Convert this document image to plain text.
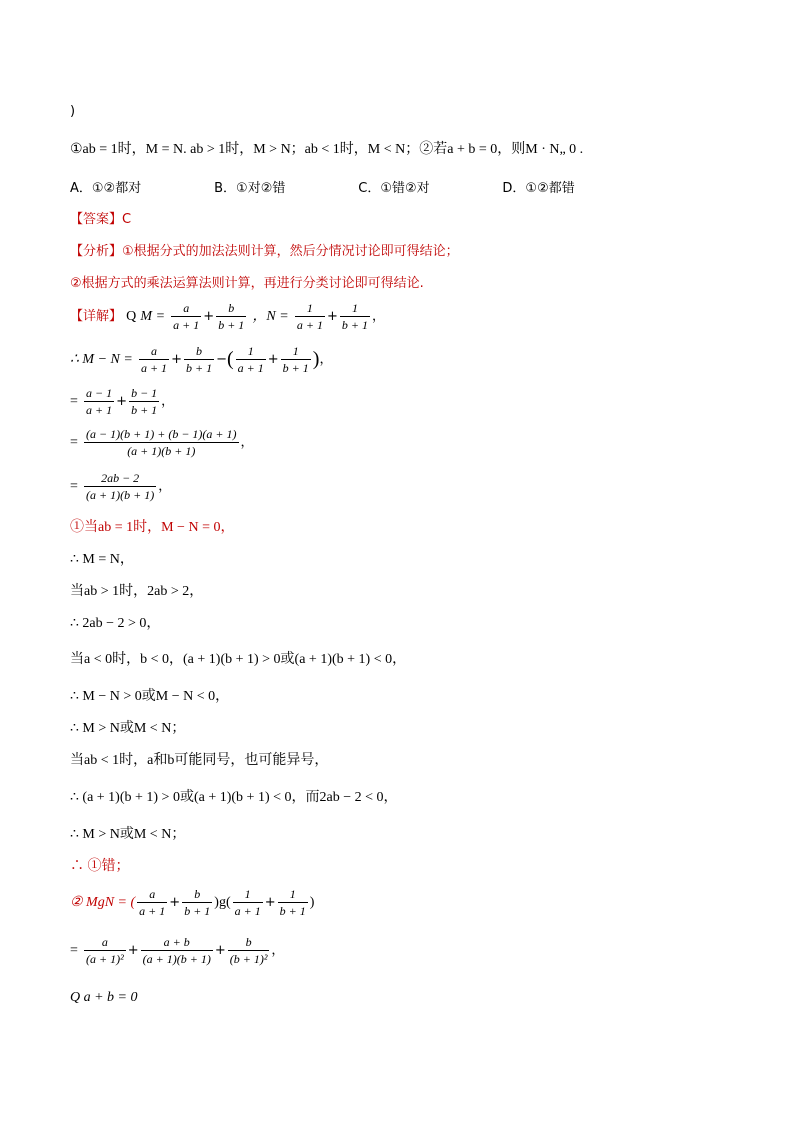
)
①ab = 1时，M = N. ab > 1时，M > N；ab < 1时，M < N；②若a + b = 0，则M · N„ 0 .
A．①②都对	B．①对②错	C．①错②对	D．①②都错
【答案】C
【分析】①根据分式的加法法则计算，然后分情况讨论即可得结论；
②根据方式的乘法运算法则计算，再进行分类讨论即可得结论.
【详解】 Q $M = \frac{a}{a + 1} + \frac{b}{b + 1}$ ，$N = \frac{1}{a + 1} + \frac{1}{b + 1}$ ，
∴ $M - N = \frac{a}{a + 1} + \frac{b}{b + 1}$ −( $\frac{1}{a + 1} + \frac{1}{b + 1}$ )，
= $\frac{a - 1}{a + 1} + \frac{b - 1}{b + 1}$ ，
= $\frac{(a - 1)(b + 1) + (b - 1)(a + 1)}{(a + 1)(b + 1)}$ ，
= $\frac{2ab - 2}{(a + 1)(b + 1)}$ ，
①当ab = 1时，M − N = 0，
∴ M = N，
当ab > 1时，2ab > 2，
∴ 2ab − 2 > 0，
当a < 0时，b < 0，(a + 1)(b + 1) > 0或(a + 1)(b + 1) < 0，
∴ M − N > 0或M − N < 0，
∴ M > N或M < N；
当ab < 1时，a和b可能同号，也可能异号，
∴ (a + 1)(b + 1) > 0或(a + 1)(b + 1) < 0，而2ab − 2 < 0，
∴ M > N或M < N；
∴ ①错；
② MgN = ( $\frac{a}{a + 1} + \frac{b}{b + 1} )g( \frac{1}{a + 1} + \frac{1}{b + 1}$ )
= $\frac{a}{\text{(a + 1)²}} + \frac{a + b}{(a + 1)(b + 1)} + \frac{b}{\text{(b + 1)²}}$ ，
Q a + b = 0
